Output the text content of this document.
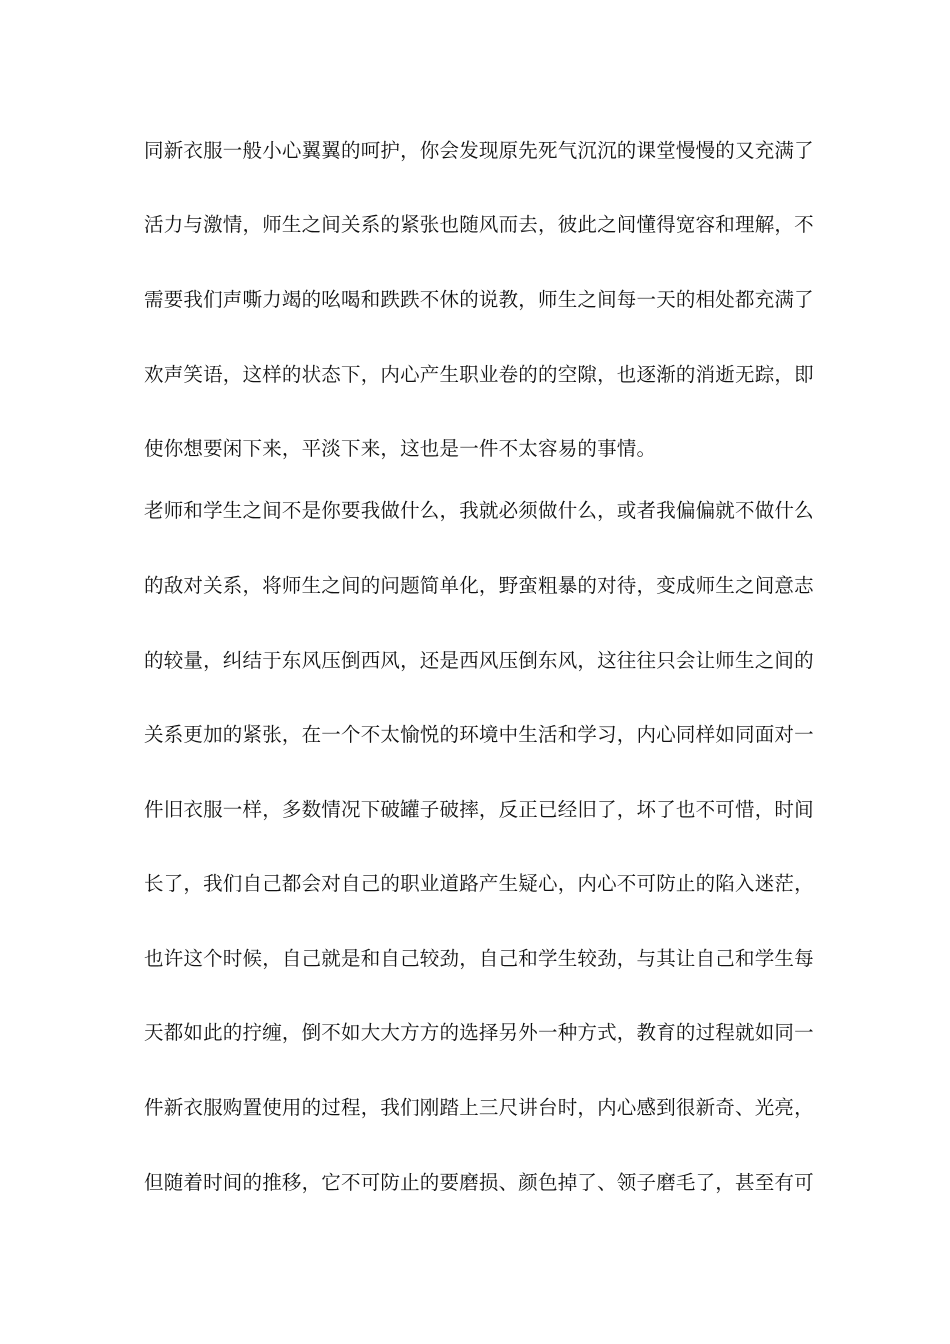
同新衣服一般小心翼翼的呵护，你会发现原先死气沉沉的课堂慢慢的又充满了
活力与激情，师生之间关系的紧张也随风而去，彼此之间懂得宽容和理解，不
需要我们声嘶力竭的吆喝和跌跌不休的说教，师生之间每一天的相处都充满了
欢声笑语，这样的状态下，内心产生职业卷的的空隙，也逐渐的消逝无踪，即
使你想要闲下来，平淡下来，这也是一件不太容易的事情。
老师和学生之间不是你要我做什么，我就必须做什么，或者我偏偏就不做什么
的敌对关系，将师生之间的问题简单化，野蛮粗暴的对待，变成师生之间意志
的较量，纠结于东风压倒西风，还是西风压倒东风，这往往只会让师生之间的
关系更加的紧张，在一个不太愉悦的环境中生活和学习，内心同样如同面对一
件旧衣服一样，多数情况下破罐子破摔，反正已经旧了，坏了也不可惜，时间
长了，我们自己都会对自己的职业道路产生疑心，内心不可防止的陷入迷茫，
也许这个时候，自己就是和自己较劲，自己和学生较劲，与其让自己和学生每
天都如此的拧缠，倒不如大大方方的选择另外一种方式，教育的过程就如同一
件新衣服购置使用的过程，我们刚踏上三尺讲台时，内心感到很新奇、光亮，
但随着时间的推移，它不可防止的要磨损、颜色掉了、领子磨毛了，甚至有可
